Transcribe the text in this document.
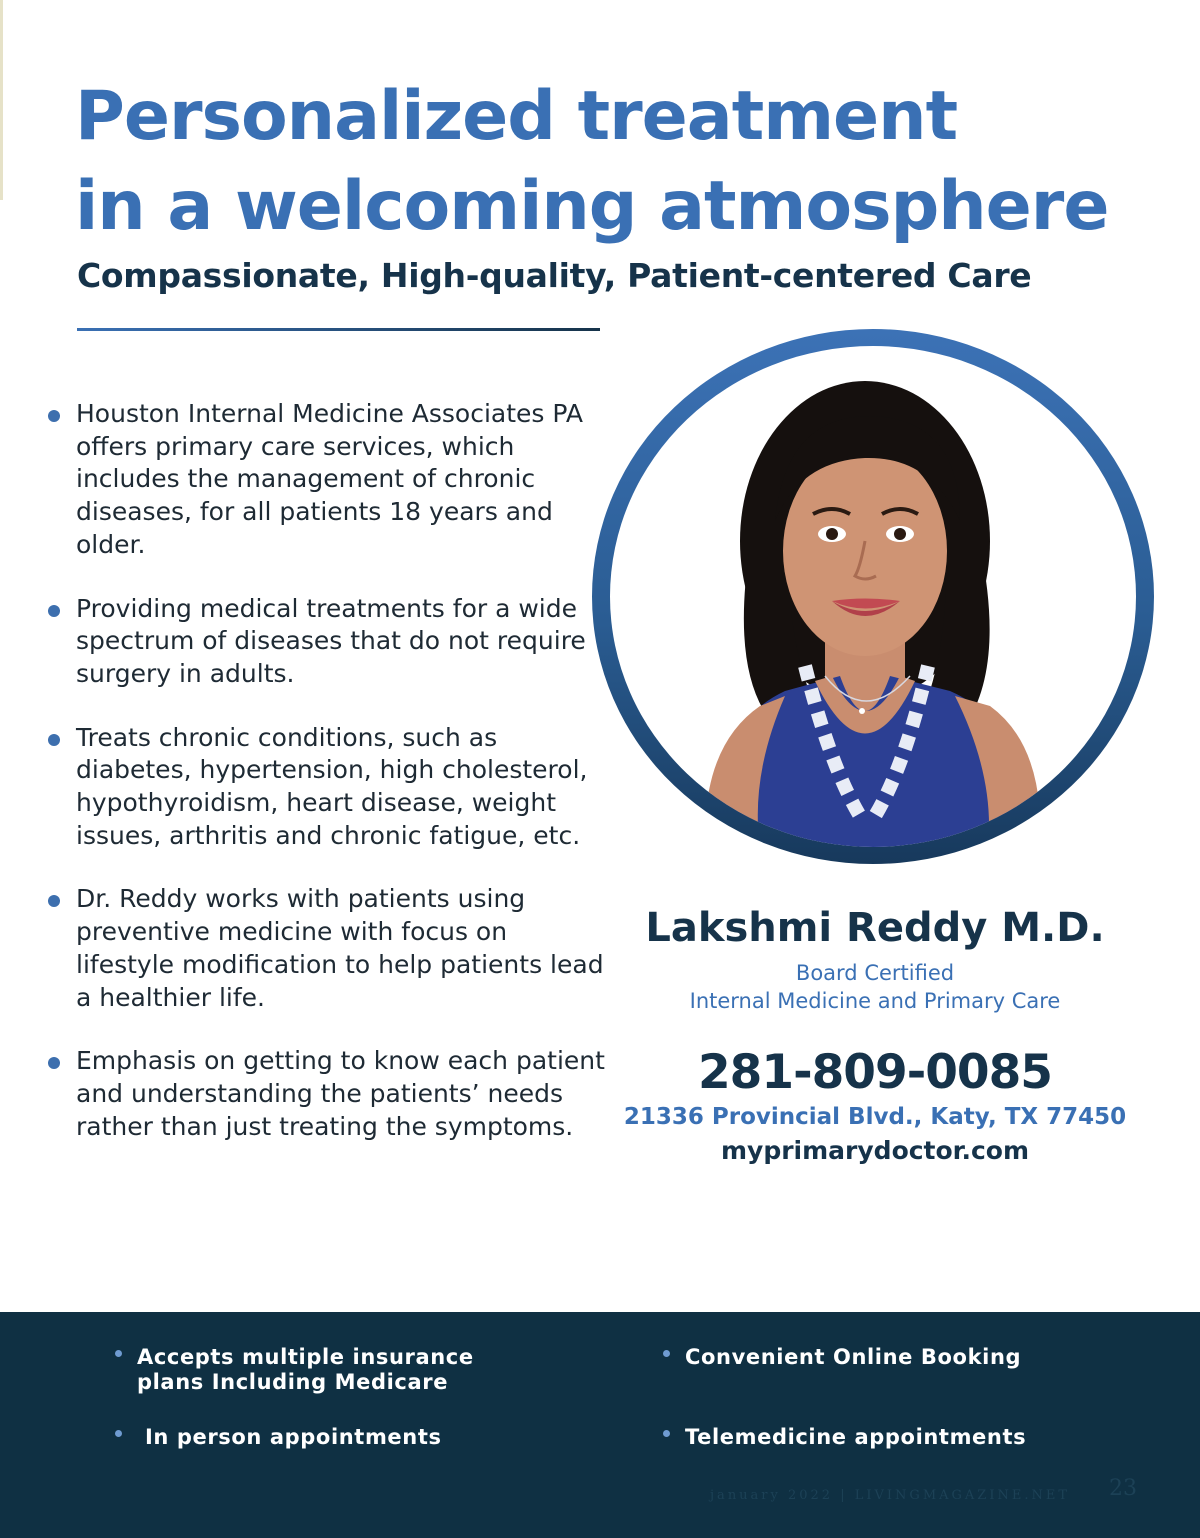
Personalized treatment
in a welcoming atmosphere
Compassionate, High-quality, Patient-centered Care
Houston Internal Medicine Associates PA offers primary care services, which includes the management of chronic diseases, for all patients 18 years and older.
Providing medical treatments for a wide spectrum of diseases that do not require surgery in adults.
Treats chronic conditions, such as diabetes, hypertension, high cholesterol, hypothyroidism, heart disease, weight issues, arthritis and chronic fatigue, etc.
Dr. Reddy works with patients using preventive medicine with focus on lifestyle modification to help patients lead a healthier life.
Emphasis on getting to know each patient and understanding the patients’ needs rather than just treating the symptoms.

Lakshmi Reddy M.D.

Board Certified
Internal Medicine and Primary Care

281-809-0085

21336 Provincial Blvd., Katy, TX 77450

myprimarydoctor.com

Accepts multiple insurance
plans Including Medicare
Convenient Online Booking
In person appointments	Telemedicine appointments
january 2022 | LIVINGMAGAZINE.NET 23
